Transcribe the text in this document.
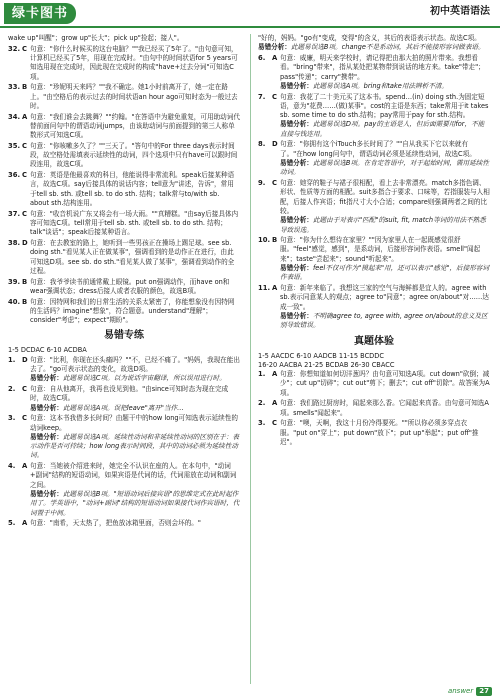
绿卡图书	初中英语语法
wake up"叫醒"；grow up"长大"；pick up"捡起；接人"。
32. C 句意："你什么时候买的这台电脑？""我已经买了5年了。"由句意可知，计算机已经买了5年，用现在完成时。"由句中的时间状语for 5 years可知选用现在完成时，因此现在完成时的构成"have+过去分词"可知选C项。
33. B 句意："珍妮明天来吗？""我不确定。她1小时前离开了，她一定在路上。"由空格后的表示过去的时间状语an hour ago可知时态为一般过去时。
34. A 句意："我们谁会去跳舞？""约翰。"在答语中为避免重复，可用助动词代替前面问句中的谓语动词jumps，由该助动词与前面提到的第三人称单数形式可知选C项。
35. C 句意："你咳嗽多久了？""三天了。"答句中的For three days表示时间段，故空格处需填表示延续性的动词，四个选项中只有have可以跟时间段连用，故选C项。
36. C 句意：英语是他最喜欢的科目，他能说得非常流利。speak后接某种语言，故选C项。say后接具体的说话内容；tell意为"讲述，告诉"，常用于tell sb. sth. 或tell sb. to do sth. 结构；talk常与to/with sb. about sth.结构连用。
37. C 句意："收音机说广东又将会有一场大雨。""真糟糕。"由say后接具体内容可知选C项。tell常用于tell sb. sth. 或tell sb. to do sth. 结构；talk"谈话"；speak后接某种语言。
38. D 句意：在去教室的路上，她听到一些男孩正在操场上踢足球。see sb. doing sth."看见某人正在做某事"，强调看到的是动作正在进行，由此可知选D项。see sb. do sth."看见某人做了某事"，强调看到动作的全过程。
39. B 句意：我爷爷读书前通常戴上眼镜。put on强调动作，而have on和wear强调状态；dress后接人或者衣服的颜色，故选B项。
40. B 句意：因特网和我们的日常生活的关系太紧密了，你能想象没有因特网的生活吗？imagine"想象"，符合题意。understand"理解"；consider"考虑"；expect"期盼"。
易错专练
1-5 DCDAC 6-10 ACDBA
1. D 句意："比利，你现在还头痛吗？""不，已经不痛了。"妈妈，我现在能出去了。"go可表示状态的变化，故选D项。
易错分析：此题易误选C项。以为说话宇宙翻译，所以误用进行时。
2. C 句意：自从他离开，我再也没见到他。"由since可知时态为现在完成时，故选C项。
易错分析：此题易误选A项。误把leave"离开"当作…
3. C 句意：这本书我借多长时间？由题干中的how long可知选表示延续性的动词keep。
易错分析：此题易误选A项。延续性动词和非延续性动词的区别在于：表示动作是否可持续；how long表示时间段，其中的动词必须为延续性动词。
4. A 句意：当她被介绍进来时，她完全不认识在座的人。在本句中，"动词+副词"结构的短语动词，如果宾语是代词的话，代词需放在动词和副词之间。
易错分析：此题易误选B项。"短语动词后接宾语"的思维定式在此时起作用了。学英语中，"动词+副词"结构的短语动词如果接代词作宾语时，代词置于中间。
5. A 句意："南希，天太热了，把鱼放冰箱里面，否则会坏的。"
"好的，妈妈。"go有"变成，变得"的含义，其后的表语表示状态。故选C项。
易错分析：此题易误选B项。change不是系动词，其后不能接形容词做表语。
6. A 句意：威廉，明天来学校时，请记得把由那大拍的照片带来。我想看看。"bring"带来"，指从某处把某物带到说话的地方来。take"带走"；pass"传递"；carry"携带"。
易错分析：此题易误选A项。bring和take用法辨析不清。
7. C 句意：我花了二十美元买了这本书。spend…(in) doing sth.为固定短语，意为"花费……(做)某事"。cost的主语是东西；take常用于it takes sb. some time to do sth.结构；pay常用于pay for sth.结构。
易错分析：此题易误选D项。pay的主语是人，但后面需要用for，不能直接与钱连用。
8. D 句意："你拥有这个iTouch多长时间了？""自从我买下它以来就有了。"在how long问句中，谓语动词必须是延续性动词，故选C项。
易错分析：此题易误选B项。在肯定答语中，对于起始时间，需用延续性动词。
9. C 句意：她穿的鞋子与裙子很相配，看上去非常漂亮。match多指色调、形状、性质等方面的相配。suit多指合于要求、口味等，若指服装与人相配，后接人作宾语；fit指尺寸大小合适；compare则强调两者之间的比较。
易错分析：此题由于对表示"匹配"的suit, fit, match等词的用法不熟悉导致误选。
10. B 句意："你为什么想待在家里？""因为家里人在一起既感觉很舒服。"feel"感觉，感到"，是系动词，后接形容词作表语。smell"闻起来"；taste"尝起来"；sound"听起来"。
易错分析：feel不仅可作为"摸起来"用，还可以表示"感觉"，后接形容词作表语。
11. A 句意：新年来临了。我想这三家的空气与海鲜都是宜人的。agree with sb.表示同意某人的观点；agree to"同意"；agree on/about"对……达成一致"。
易错分析：不明确agree to, agree with, agree on/about的意义及区别导致错误。
真题体验
1-5 AACDC 6-10 AADCB 11-15 BCDDC
16-20 AACBA 21-25 BCDAB 26-30 CBACC
1. A 句意：你想知道如何切洋葱吗？由句意可知选A项。cut down"砍倒；减少"；cut up"切碎"；cut out"剪下；删去"；cut off"切除"。故答案为A项。
2. A 句意：我们路过厨房时，闻起来那么香。它闻起来真香。由句意可知选A项。smells"闻起来"。
3. C 句意："噢，天啊，我这十月份冷得要死。""所以你必须多穿点衣服。"put on"穿上"；put down"放下"；put up"举起"；put off"推迟"。
answer 27
